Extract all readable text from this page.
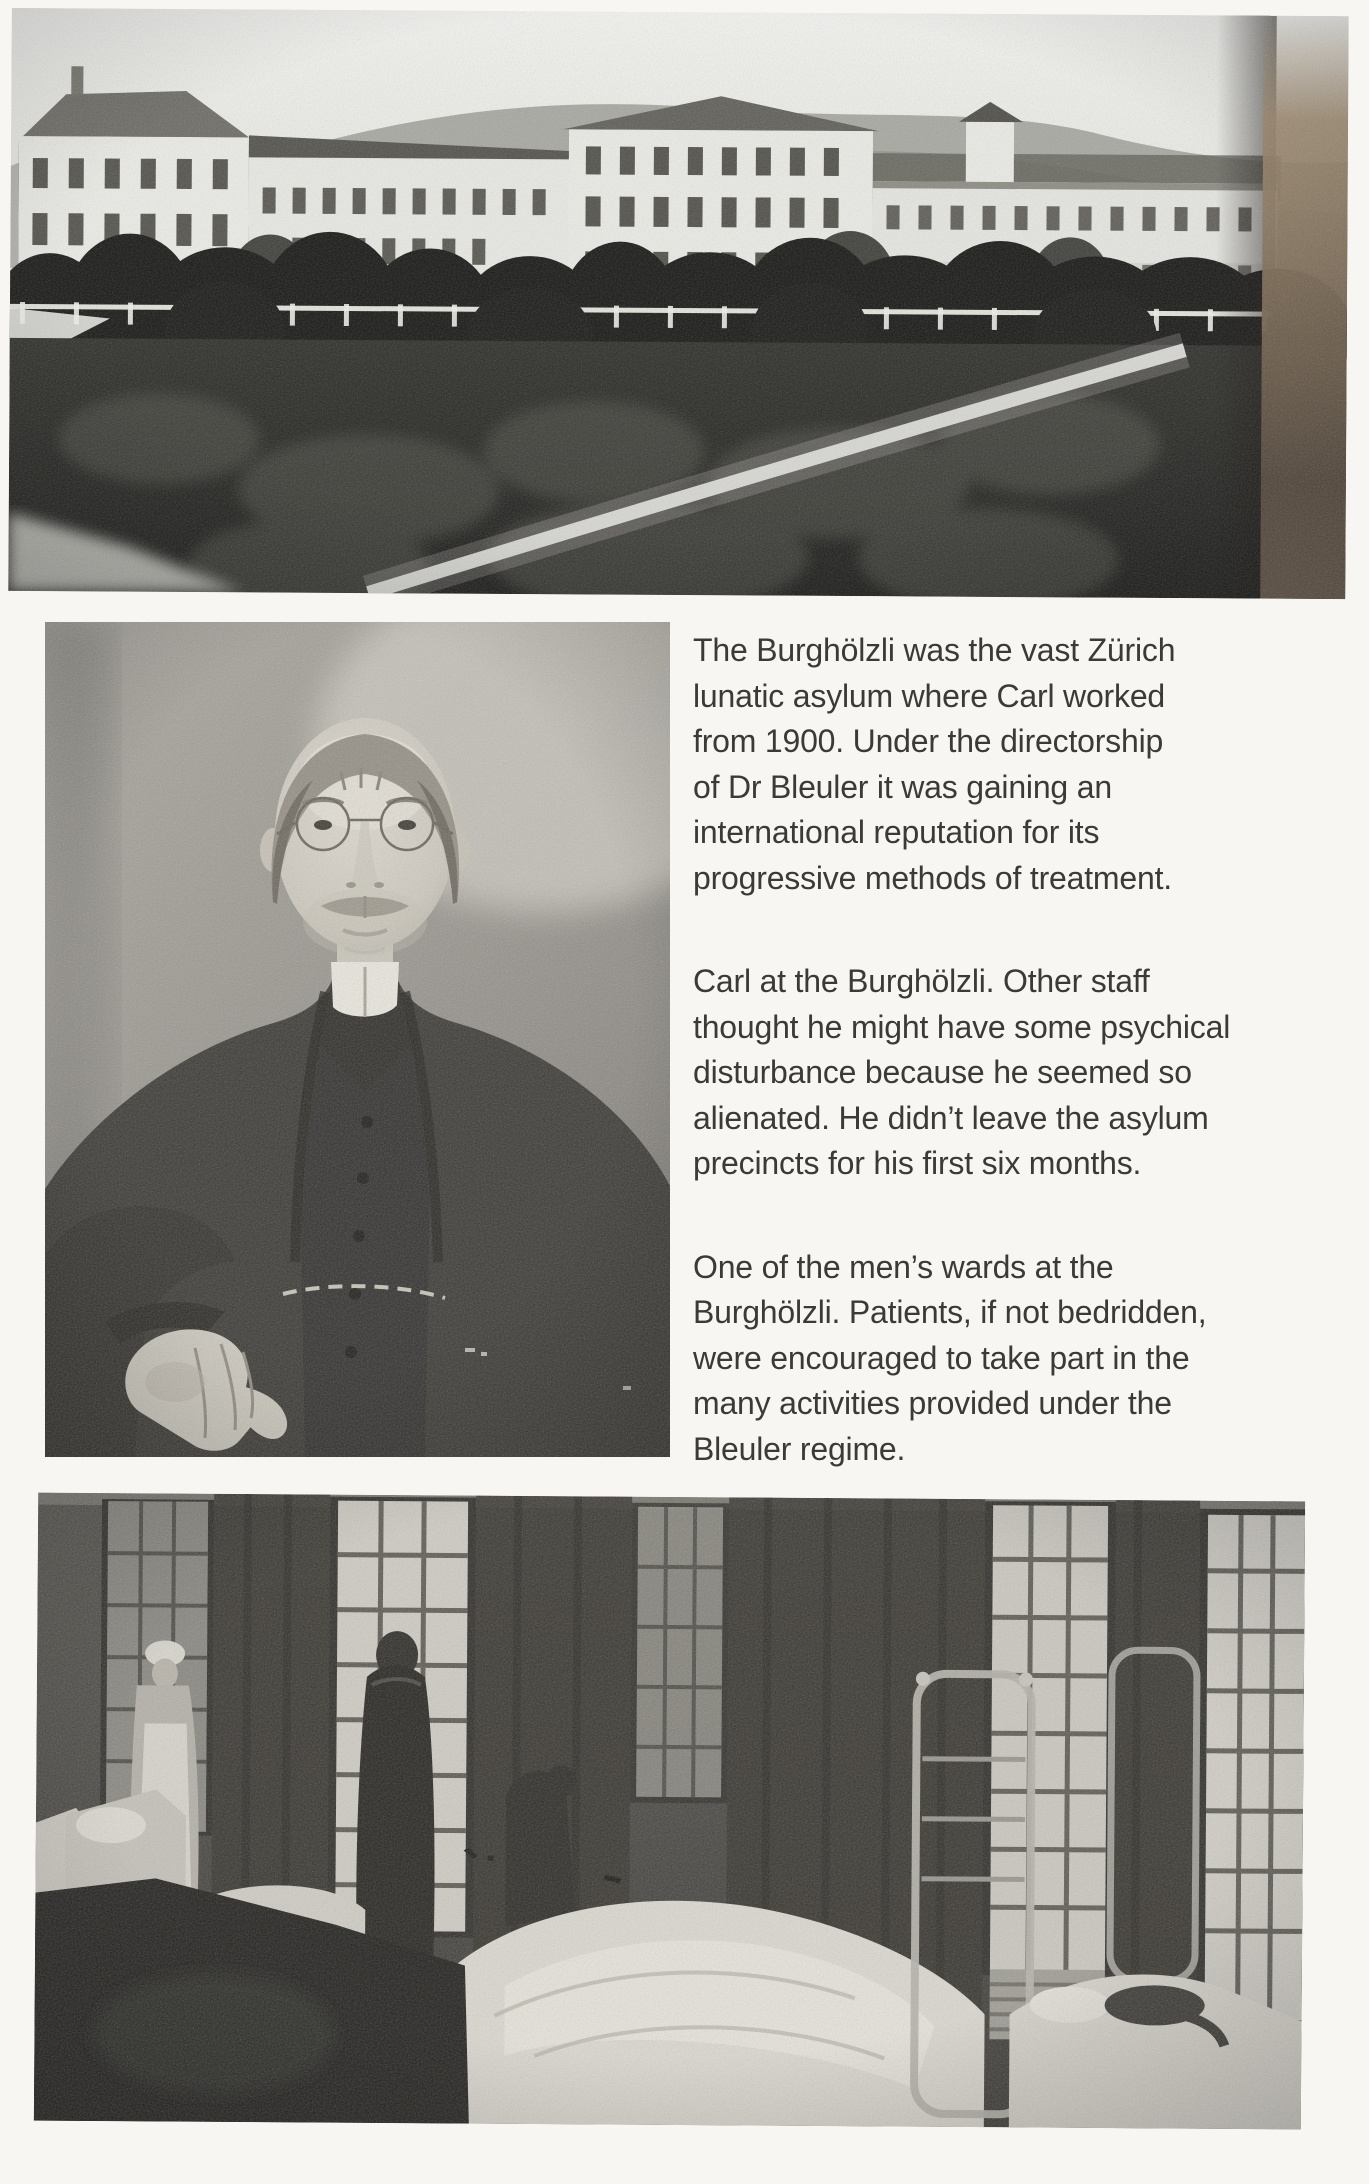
The Burghölzli was the vast Zürich
lunatic asylum where Carl worked
from 1900. Under the directorship
of Dr Bleuler it was gaining an
international reputation for its
progressive methods of treatment.

Carl at the Burghölzli. Other staff
thought he might have some psychical
disturbance because he seemed so
alienated. He didn’t leave the asylum
precincts for his first six months.

One of the men’s wards at the
Burghölzli. Patients, if not bedridden,
were encouraged to take part in the
many activities provided under the
Bleuler regime.
